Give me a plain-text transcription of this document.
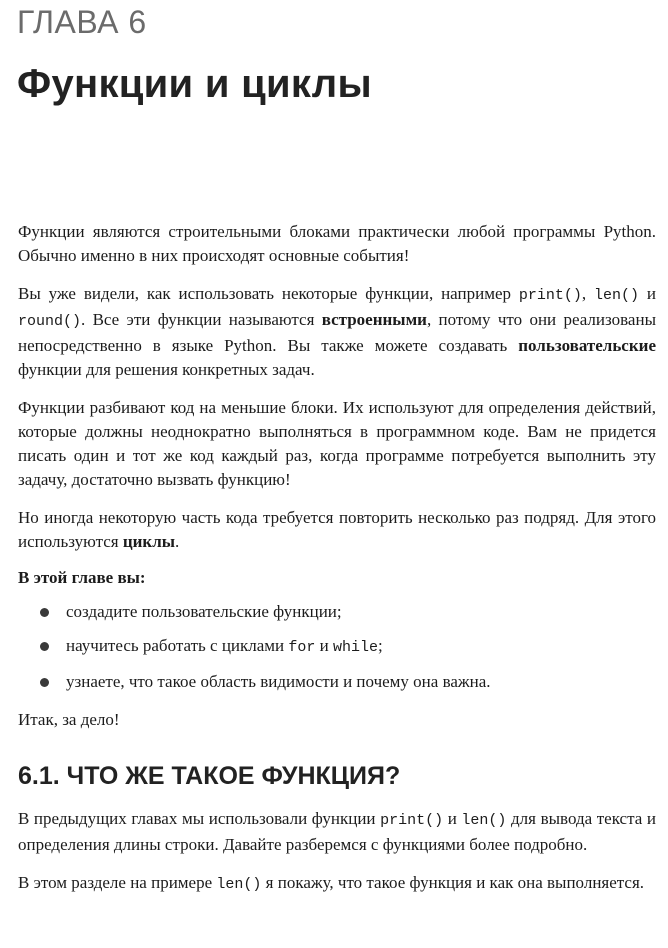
ГЛАВА 6
Функции и циклы

Функции являются строительными блоками практически любой программы Python. Обычно именно в них происходят основные события!

Вы уже видели, как использовать некоторые функции, например print(), len() и round(). Все эти функции называются встроенными, потому что они реализованы непосредственно в языке Python. Вы также можете создавать пользовательские функции для решения конкретных задач.

Функции разбивают код на меньшие блоки. Их используют для определения действий, которые должны неоднократно выполняться в программном коде. Вам не придется писать один и тот же код каждый раз, когда программе потребуется выполнить эту задачу, достаточно вызвать функцию!

Но иногда некоторую часть кода требуется повторить несколько раз подряд. Для этого используются циклы.

В этой главе вы:
создадите пользовательские функции;
научитесь работать с циклами for и while;
узнаете, что такое область видимости и почему она важна.

Итак, за дело!

6.1. ЧТО ЖЕ ТАКОЕ ФУНКЦИЯ?

В предыдущих главах мы использовали функции print() и len() для вывода текста и определения длины строки. Давайте разберемся с функциями более подробно.

В этом разделе на примере len() я покажу, что такое функция и как она выполняется.
